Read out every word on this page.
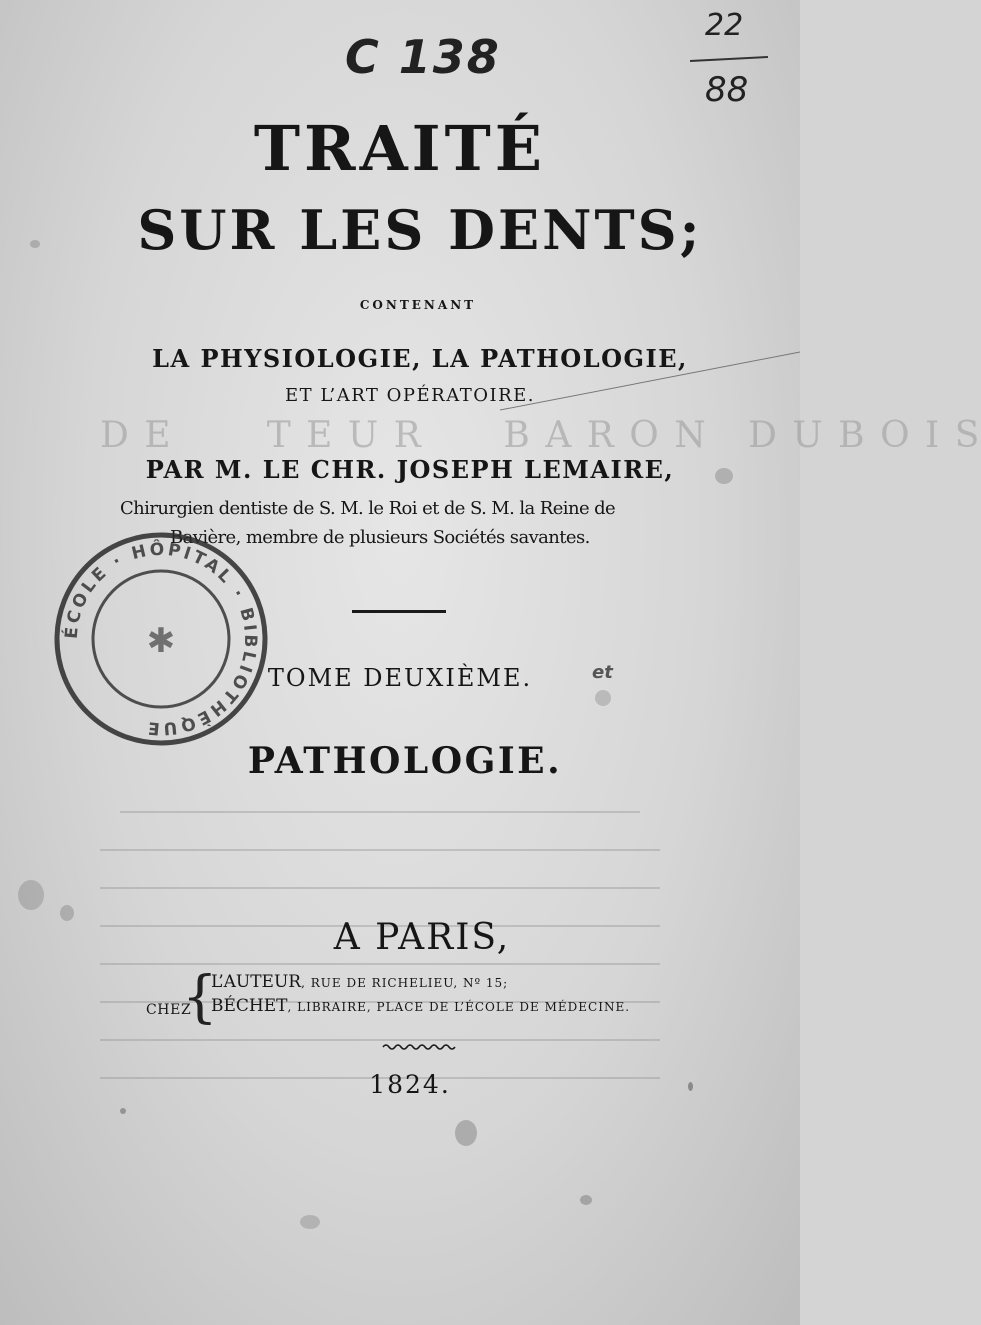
D E       T E U R      B A R O N   D U B O I S

C 138
22
88
TRAITÉ
SUR LES DENTS;
CONTENANT
LA PHYSIOLOGIE, LA PATHOLOGIE,
ET L’ART OPÉRATOIRE.
PAR M. LE CHR. JOSEPH LEMAIRE,
Chirurgien dentiste de S. M. le Roi et de S. M. la Reine de
Bavière, membre de plusieurs Sociétés savantes.
ÉCOLE · HÔPITAL · BIBLIOTHÈQUE
✱
TOME DEUXIÈME.	et
PATHOLOGIE.
A PARIS,
CHEZ
{
L’AUTEUR, RUE DE RICHELIEU, Nº 15;
BÉCHET, LIBRAIRE, PLACE DE L’ÉCOLE DE MÉDECINE.
1824.
